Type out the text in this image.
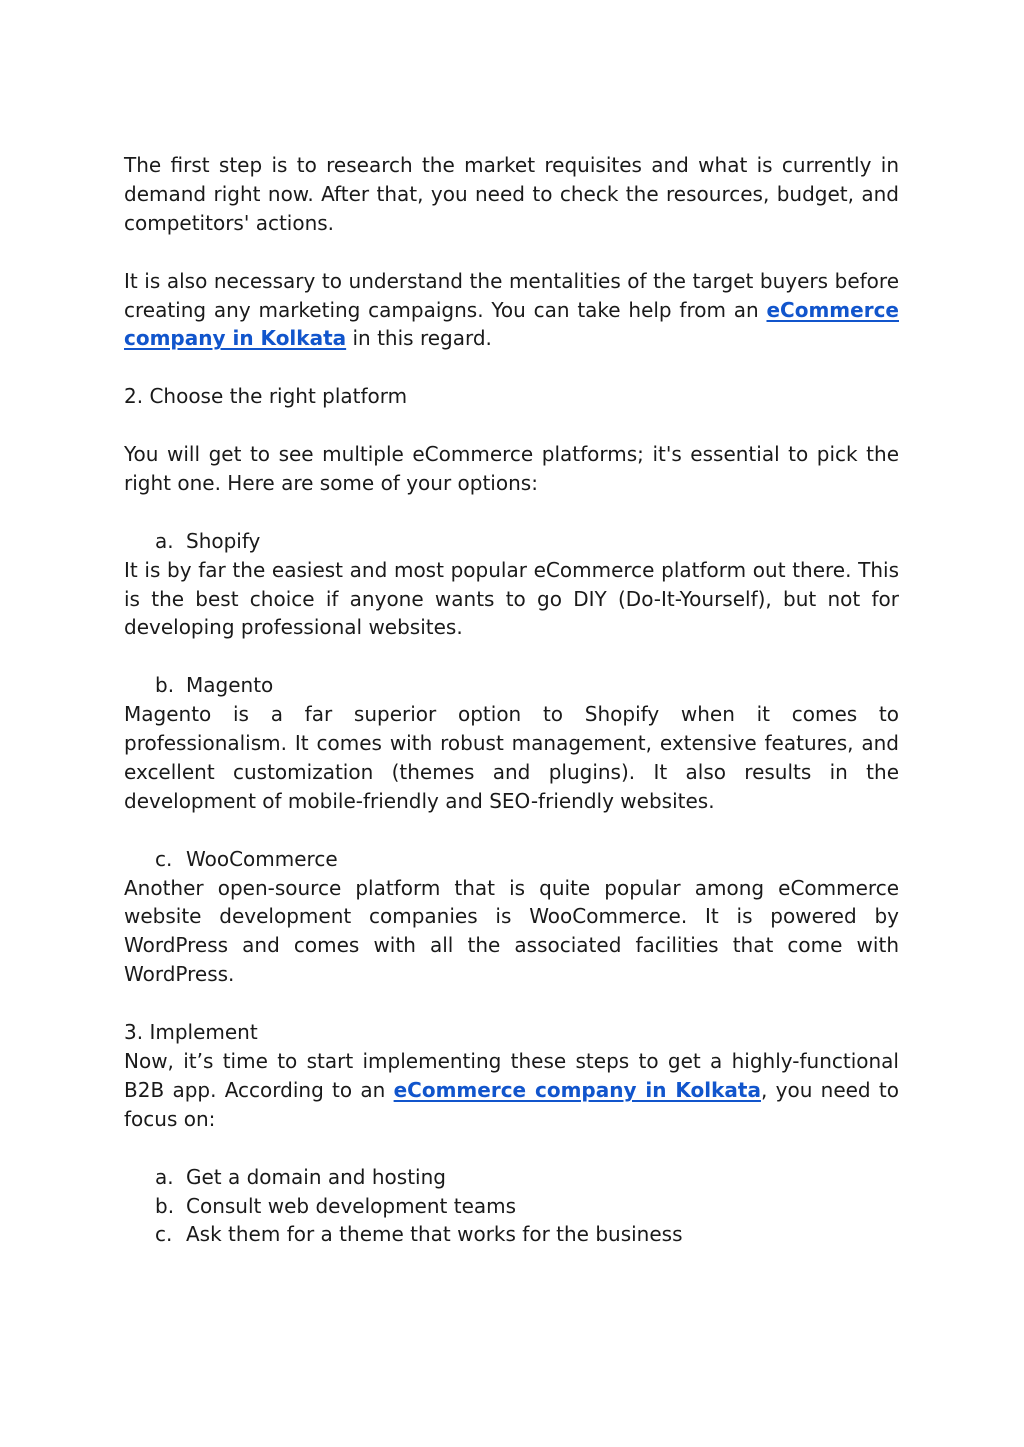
The first step is to research the market requisites and what is currently in demand right now. After that, you need to check the resources, budget, and competitors' actions.

It is also necessary to understand the mentalities of the target buyers before creating any marketing campaigns. You can take help from an eCommerce company in Kolkata in this regard.

2. Choose the right platform

You will get to see multiple eCommerce platforms; it's essential to pick the right one. Here are some of your options:

a. Shopify

It is by far the easiest and most popular eCommerce platform out there. This is the best choice if anyone wants to go DIY (Do-It-Yourself), but not for developing professional websites.

b. Magento

Magento is a far superior option to Shopify when it comes to professionalism. It comes with robust management, extensive features, and excellent customization (themes and plugins). It also results in the development of mobile-friendly and SEO-friendly websites.

c. WooCommerce

Another open-source platform that is quite popular among eCommerce website development companies is WooCommerce. It is powered by WordPress and comes with all the associated facilities that come with WordPress.

3. Implement

Now, it’s time to start implementing these steps to get a highly-functional B2B app. According to an eCommerce company in Kolkata, you need to focus on:

a. Get a domain and hosting
b. Consult web development teams
c. Ask them for a theme that works for the business
